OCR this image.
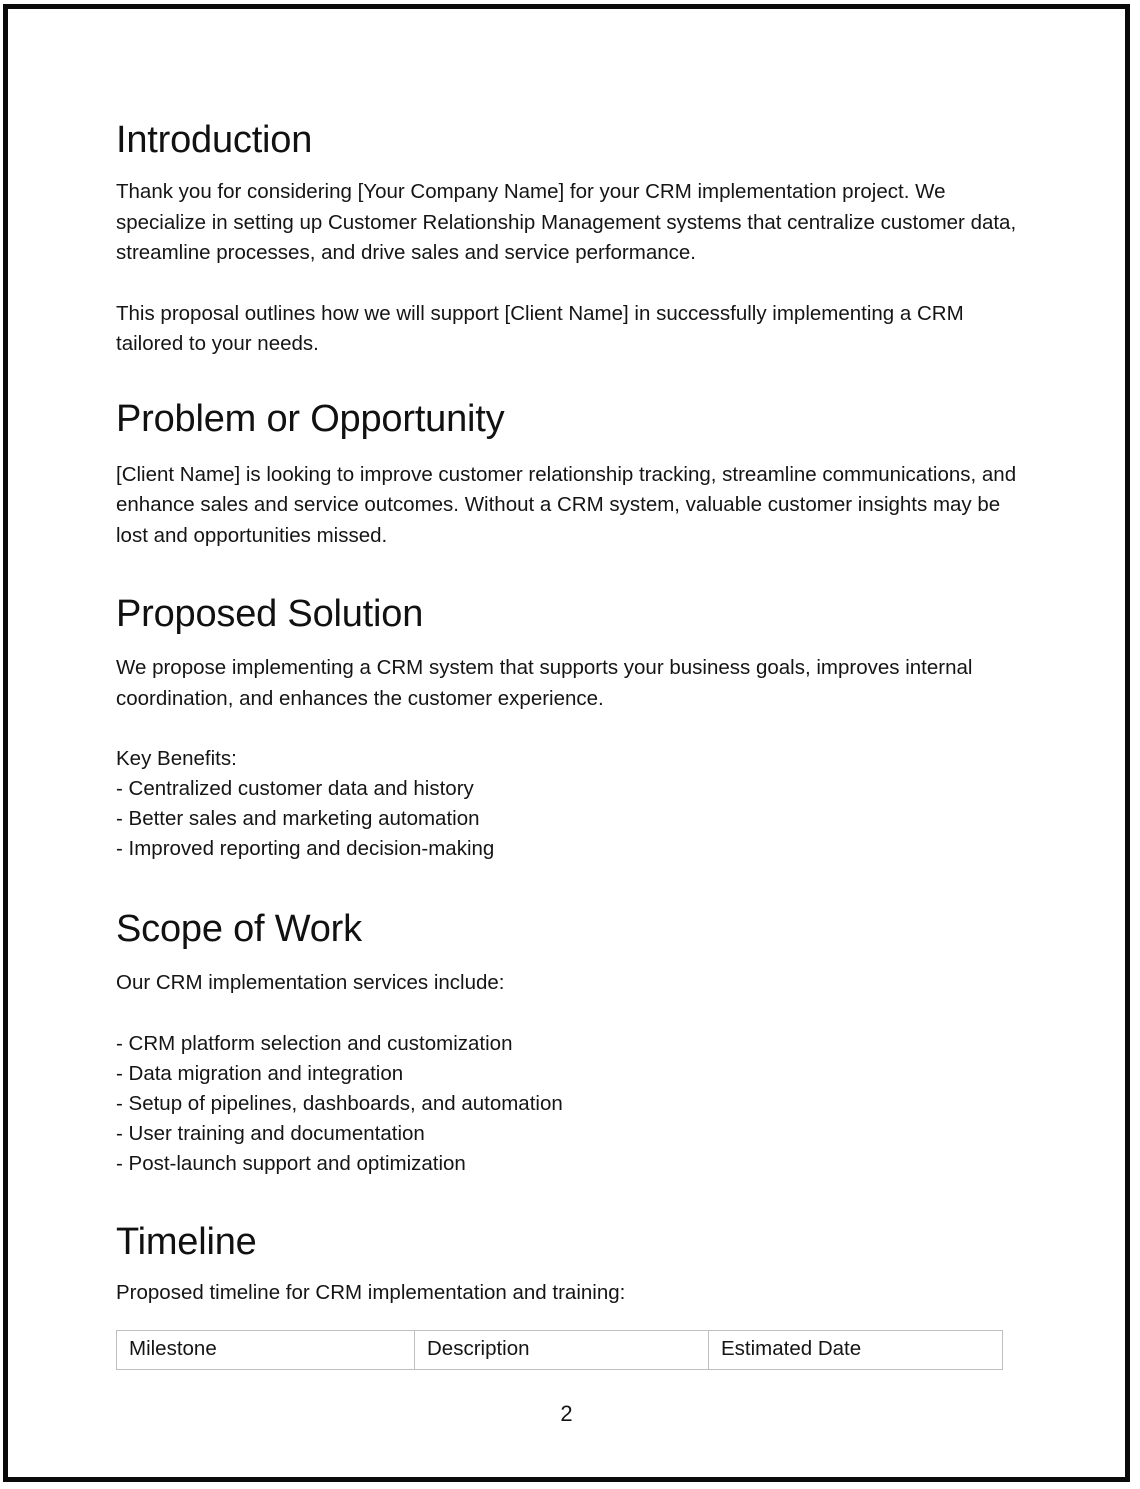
Introduction

Thank you for considering [Your Company Name] for your CRM implementation project. We specialize in setting up Customer Relationship Management systems that centralize customer data, streamline processes, and drive sales and service performance.

This proposal outlines how we will support [Client Name] in successfully implementing a CRM tailored to your needs.

Problem or Opportunity

[Client Name] is looking to improve customer relationship tracking, streamline communications, and enhance sales and service outcomes. Without a CRM system, valuable customer insights may be lost and opportunities missed.

Proposed Solution

We propose implementing a CRM system that supports your business goals, improves internal coordination, and enhances the customer experience.

Key Benefits:
- Centralized customer data and history
- Better sales and marketing automation
- Improved reporting and decision-making
Scope of Work

Our CRM implementation services include:

- CRM platform selection and customization
- Data migration and integration
- Setup of pipelines, dashboards, and automation
- User training and documentation
- Post-launch support and optimization
Timeline

Proposed timeline for CRM implementation and training:

Milestone	Description	Estimated Date
2
